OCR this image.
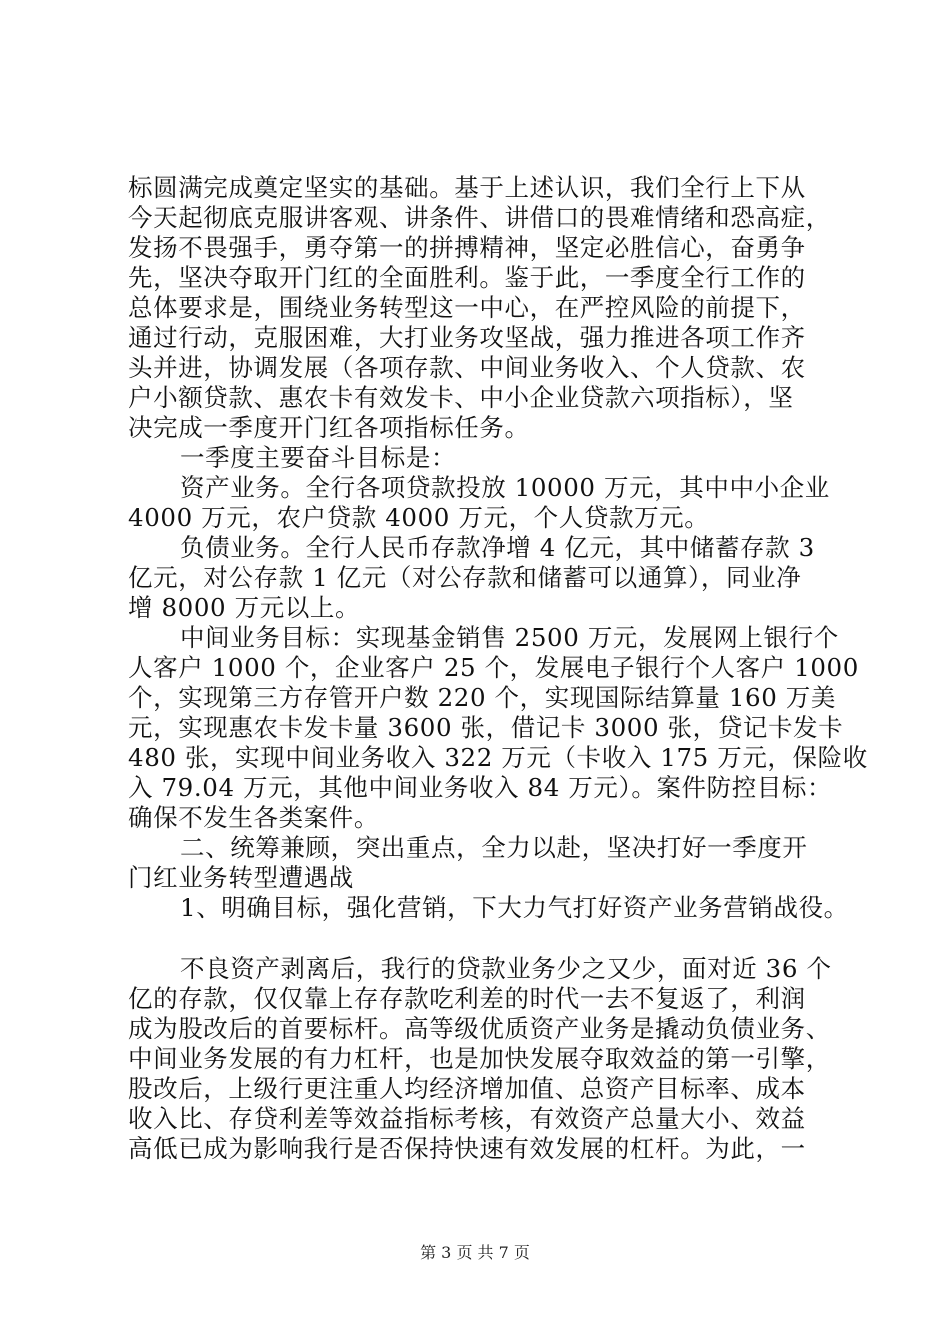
标圆满完成奠定坚实的基础。基于上述认识，我们全行上下从
今天起彻底克服讲客观、讲条件、讲借口的畏难情绪和恐高症，
发扬不畏强手，勇夺第一的拼搏精神，坚定必胜信心，奋勇争
先，坚决夺取开门红的全面胜利。鉴于此，一季度全行工作的
总体要求是，围绕业务转型这一中心，在严控风险的前提下，
通过行动，克服困难，大打业务攻坚战，强力推进各项工作齐
头并进，协调发展（各项存款、中间业务收入、个人贷款、农
户小额贷款、惠农卡有效发卡、中小企业贷款六项指标），坚
决完成一季度开门红各项指标任务。
一季度主要奋斗目标是：
资产业务。全行各项贷款投放 10000 万元，其中中小企业
4000 万元，农户贷款 4000 万元，个人贷款万元。
负债业务。全行人民币存款净增 4 亿元，其中储蓄存款 3
亿元，对公存款 1 亿元（对公存款和储蓄可以通算），同业净
增 8000 万元以上。
中间业务目标：实现基金销售 2500 万元，发展网上银行个
人客户 1000 个，企业客户 25 个，发展电子银行个人客户 1000
个，实现第三方存管开户数 220 个，实现国际结算量 160 万美
元，实现惠农卡发卡量 3600 张，借记卡 3000 张，贷记卡发卡
480 张，实现中间业务收入 322 万元（卡收入 175 万元，保险收
入 79.04 万元，其他中间业务收入 84 万元）。案件防控目标：
确保不发生各类案件。
二、统筹兼顾，突出重点，全力以赴，坚决打好一季度开
门红业务转型遭遇战
1、明确目标，强化营销，下大力气打好资产业务营销战役。
不良资产剥离后，我行的贷款业务少之又少，面对近 36 个
亿的存款，仅仅靠上存存款吃利差的时代一去不复返了，利润
成为股改后的首要标杆。高等级优质资产业务是撬动负债业务、
中间业务发展的有力杠杆，也是加快发展夺取效益的第一引擎，
股改后，上级行更注重人均经济增加值、总资产目标率、成本
收入比、存贷利差等效益指标考核，有效资产总量大小、效益
高低已成为影响我行是否保持快速有效发展的杠杆。为此，一
第 3 页 共 7 页
